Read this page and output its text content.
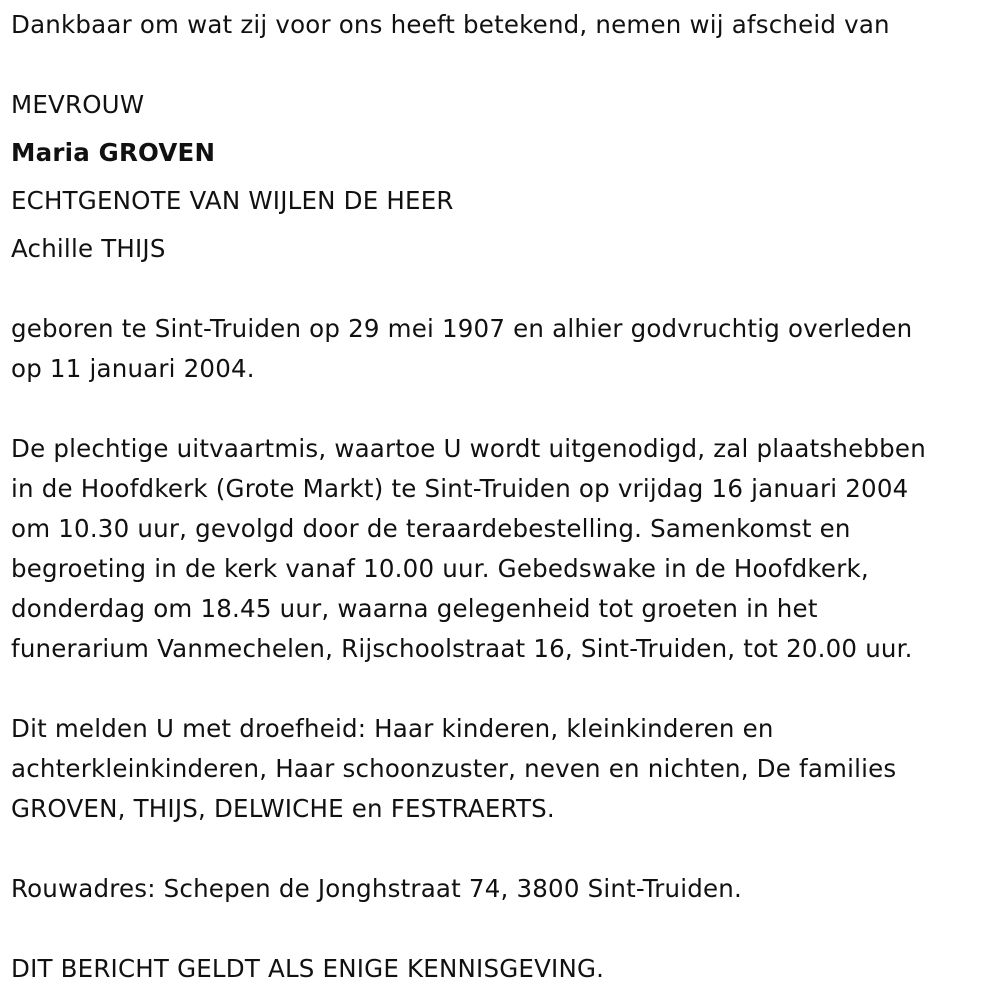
Dankbaar om wat zij voor ons heeft betekend, nemen wij afscheid van
MEVROUW
Maria GROVEN
ECHTGENOTE VAN WIJLEN DE HEER
Achille THIJS
geboren te Sint-Truiden op 29 mei 1907 en alhier godvruchtig overleden
op 11 januari 2004.
De plechtige uitvaartmis, waartoe U wordt uitgenodigd, zal plaatshebben
in de Hoofdkerk (Grote Markt) te Sint-Truiden op vrijdag 16 januari 2004
om 10.30 uur, gevolgd door de teraardebestelling. Samenkomst en
begroeting in de kerk vanaf 10.00 uur. Gebedswake in de Hoofdkerk,
donderdag om 18.45 uur, waarna gelegenheid tot groeten in het
funerarium Vanmechelen, Rijschoolstraat 16, Sint-Truiden, tot 20.00 uur.
Dit melden U met droefheid: Haar kinderen, kleinkinderen en
achterkleinkinderen, Haar schoonzuster, neven en nichten, De families
GROVEN, THIJS, DELWICHE en FESTRAERTS.
Rouwadres: Schepen de Jonghstraat 74, 3800 Sint-Truiden.
DIT BERICHT GELDT ALS ENIGE KENNISGEVING.
